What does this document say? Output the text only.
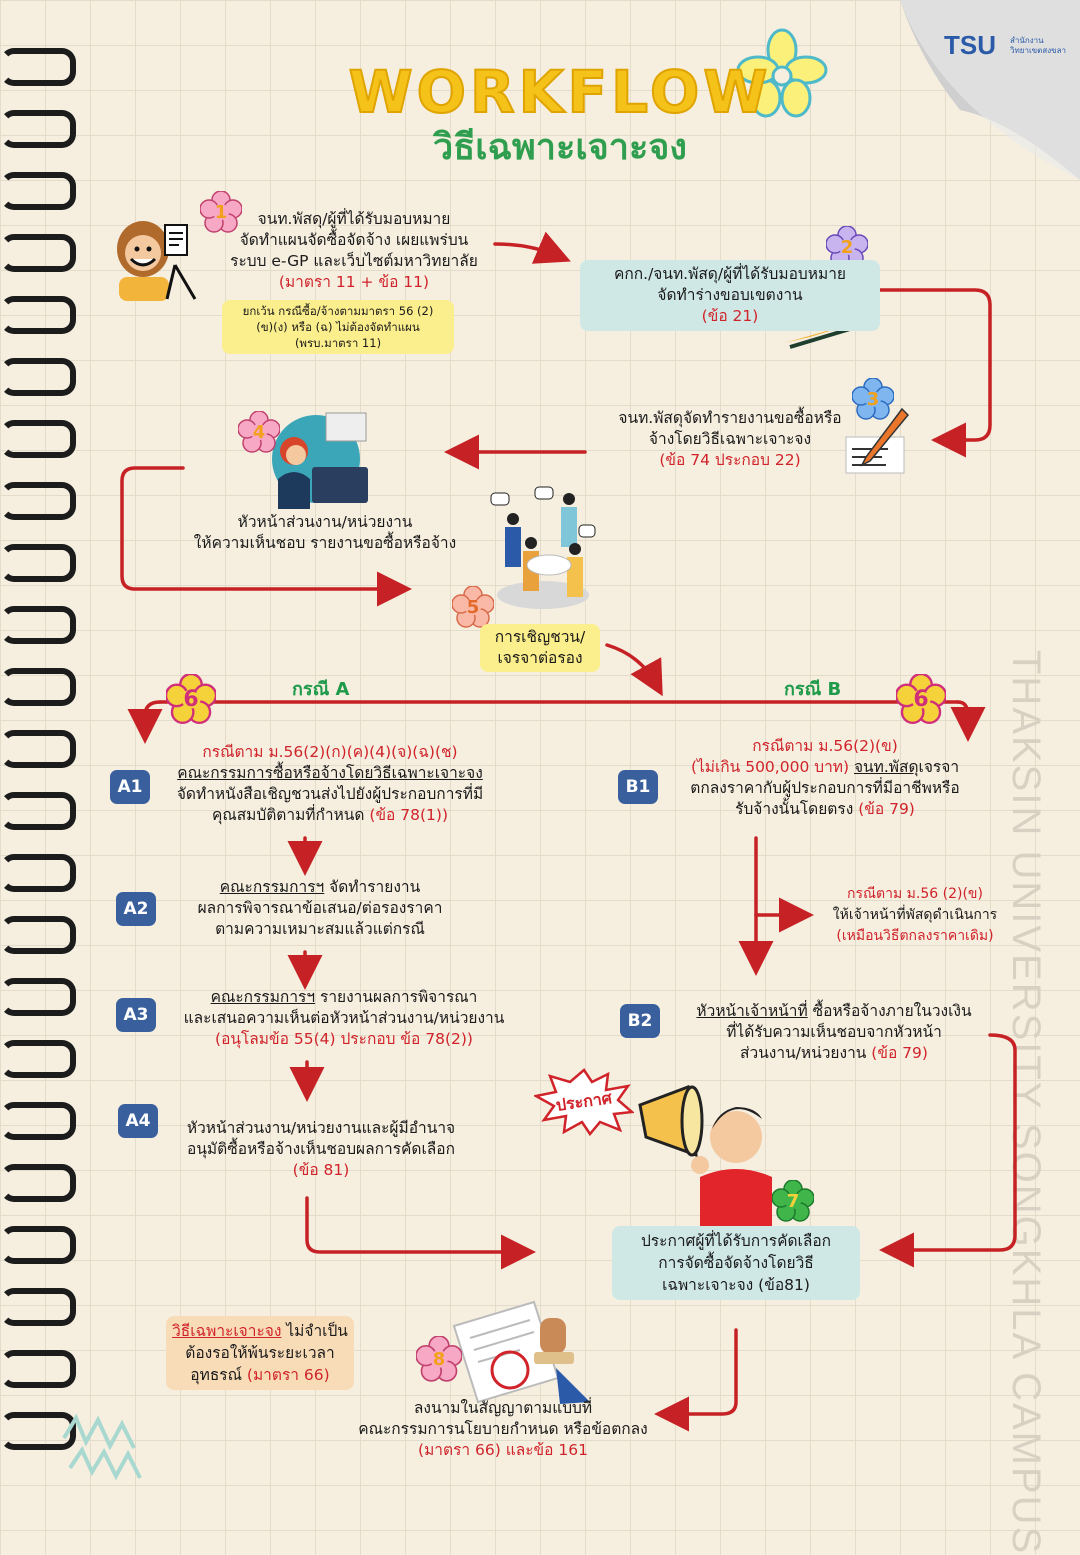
TSU สำนักงาน
วิทยาเขตสงขลา
WORKFLOW
วิธีเฉพาะเจาะจง
THAKSIN UNIVERSITY SONGKHLA CAMPUS
ประกาศ
1
2
3
4
5
6	6
7
8
จนท.พัสดุ/ผู้ที่ได้รับมอบหมาย
จัดทำแผนจัดซื้อจัดจ้าง เผยแพร่บน
ระบบ e-GP และเว็บไซต์มหาวิทยาลัย
(มาตรา 11 + ข้อ 11)
ยกเว้น กรณีซื้อ/จ้างตามมาตรา 56 (2)
(ข)(ง) หรือ (ฉ) ไม่ต้องจัดทำแผน
(พรบ.มาตรา 11)
คกก./จนท.พัสดุ/ผู้ที่ได้รับมอบหมาย
จัดทำร่างขอบเขตงาน
(ข้อ 21)
จนท.พัสดุจัดทำรายงานขอซื้อหรือ
จ้างโดยวิธีเฉพาะเจาะจง
(ข้อ 74 ประกอบ 22)
หัวหน้าส่วนงาน/หน่วยงาน
ให้ความเห็นชอบ รายงานขอซื้อหรือจ้าง
การเชิญชวน/
เจรจาต่อรอง
กรณี A	กรณี B
A1
กรณีตาม ม.56(2)(ก)(ค)(4)(จ)(ฉ)(ช)
คณะกรรมการซื้อหรือจ้างโดยวิธีเฉพาะเจาะจง
จัดทำหนังสือเชิญชวนส่งไปยังผู้ประกอบการที่มี
คุณสมบัติตามที่กำหนด (ข้อ 78(1))
A2
คณะกรรมการฯ จัดทำรายงาน
ผลการพิจารณาข้อเสนอ/ต่อรองราคา
ตามความเหมาะสมแล้วแต่กรณี
A3
คณะกรรมการฯ รายงานผลการพิจารณา
และเสนอความเห็นต่อหัวหน้าส่วนงาน/หน่วยงาน
(อนุโลมข้อ 55(4) ประกอบ ข้อ 78(2))
A4	หัวหน้าส่วนงาน/หน่วยงานและผู้มีอำนาจ
อนุมัติซื้อหรือจ้างเห็นชอบผลการคัดเลือก
(ข้อ 81)
B1
กรณีตาม ม.56(2)(ข)
(ไม่เกิน 500,000 บาท) จนท.พัสดุเจรจา
ตกลงราคากับผู้ประกอบการที่มีอาชีพหรือ
รับจ้างนั้นโดยตรง (ข้อ 79)
กรณีตาม ม.56 (2)(ข)
ให้เจ้าหน้าที่พัสดุดำเนินการ
(เหมือนวิธีตกลงราคาเดิม)
B2	หัวหน้าเจ้าหน้าที่ ซื้อหรือจ้างภายในวงเงิน
ที่ได้รับความเห็นชอบจากหัวหน้า
ส่วนงาน/หน่วยงาน (ข้อ 79)
ประกาศผู้ที่ได้รับการคัดเลือก
การจัดซื้อจัดจ้างโดยวิธี
เฉพาะเจาะจง (ข้อ81)
วิธีเฉพาะเจาะจง ไม่จำเป็น
ต้องรอให้พ้นระยะเวลา
อุทธรณ์ (มาตรา 66)
ลงนามในสัญญาตามแบบที่
คณะกรรมการนโยบายกำหนด หรือข้อตกลง
(มาตรา 66) และข้อ 161
